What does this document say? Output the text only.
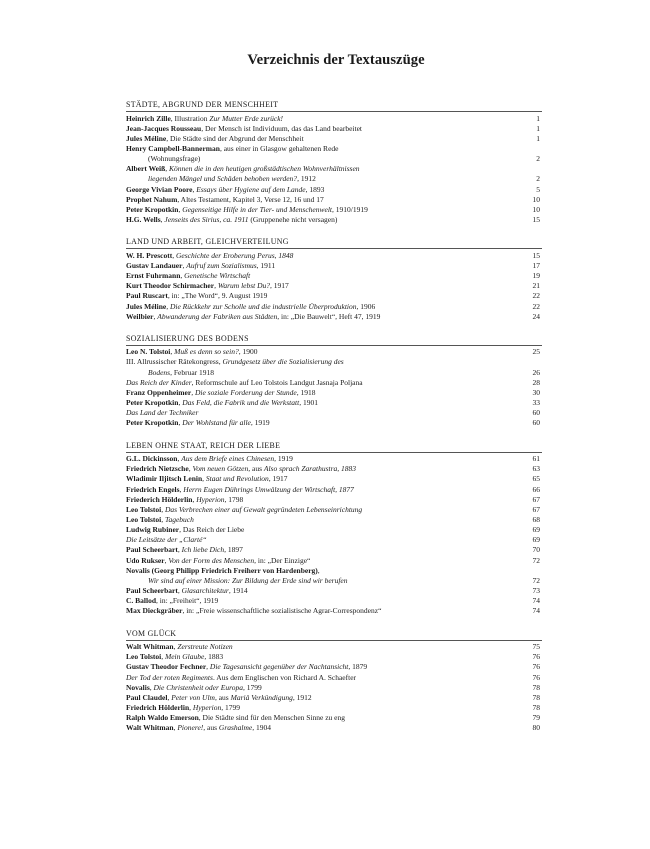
Verzeichnis der Textauszüge
STÄDTE, ABGRUND DER MENSCHHEIT
Heinrich Zille, Illustration Zur Mutter Erde zurück!	1
Jean-Jacques Rousseau, Der Mensch ist Individuum, das das Land bearbeitet	1
Jules Méline, Die Städte sind der Abgrund der Menschheit	1
Henry Campbell-Bannerman, aus einer in Glasgow gehaltenen Rede
(Wohnungsfrage)	2
Albert Weiß, Können die in den heutigen großstädtischen Wohnverhältnissen
liegenden Mängel und Schäden behoben werden?, 1912	2
George Vivian Poore, Essays über Hygiene auf dem Lande, 1893	5
Prophet Nahum, Altes Testament, Kapitel 3, Verse 12, 16 und 17	10
Peter Kropotkin, Gegenseitige Hilfe in der Tier- und Menschenwelt, 1910/1919	10
H.G. Wells, Jenseits des Sirius, ca. 1911 (Gruppenehe nicht versagen)	15
LAND UND ARBEIT, GLEICHVERTEILUNG
W. H. Prescott, Geschichte der Eroberung Perus, 1848	15
Gustav Landauer, Aufruf zum Sozialismus, 1911	17
Ernst Fuhrmann, Genetische Wirtschaft	19
Kurt Theodor Schirmacher, Warum lebst Du?, 1917	21
Paul Ruscart, in: „The Word“, 9. August 1919	22
Jules Méline, Die Rückkehr zur Scholle und die industrielle Überproduktion, 1906	22
Weilbier, Abwanderung der Fabriken aus Städten, in: „Die Bauwelt“, Heft 47, 1919	24
SOZIALISIERUNG DES BODENS
Leo N. Tolstoi, Muß es denn so sein?, 1900	25
III. Allrussischer Rätekongress, Grundgesetz über die Sozialisierung des
Bodens, Februar 1918	26
Das Reich der Kinder, Reformschule auf Leo Tolstois Landgut Jasnaja Poljana	28
Franz Oppenheimer, Die soziale Forderung der Stunde, 1918	30
Peter Kropotkin, Das Feld, die Fabrik und die Werkstatt, 1901	33
Das Land der Techniker	60
Peter Kropotkin, Der Wohlstand für alle, 1919	60
LEBEN OHNE STAAT, REICH DER LIEBE
G.L. Dickinsson, Aus dem Briefe eines Chinesen, 1919	61
Friedrich Nietzsche, Vom neuen Götzen, aus Also sprach Zarathustra, 1883	63
Wladimir Iljitsch Lenin, Staat und Revolution, 1917	65
Friedrich Engels, Herrn Eugen Dührings Umwälzung der Wirtschaft, 1877	66
Friederich Hölderlin, Hyperion, 1798	67
Leo Tolstoi, Das Verbrechen einer auf Gewalt gegründeten Lebenseinrichtung	67
Leo Tolstoi, Tagebuch	68
Ludwig Rubiner, Das Reich der Liebe	69
Die Leitsätze der „Clarté“	69
Paul Scheerbart, Ich liebe Dich, 1897	70
Udo Rukser, Von der Form des Menschen, in: „Der Einzige“	72
Novalis (Georg Philipp Friedrich Freiherr von Hardenberg),
Wir sind auf einer Mission: Zur Bildung der Erde sind wir berufen	72
Paul Scheerbart, Glasarchitektur, 1914	73
C. Ballod, in: „Freiheit“, 1919	74
Max Dieckgräber, in: „Freie wissenschaftliche sozialistische Agrar-Correspondenz“	74
VOM GLÜCK
Walt Whitman, Zerstreute Notizen	75
Leo Tolstoi, Mein Glaube, 1883	76
Gustav Theodor Fechner, Die Tagesansicht gegenüber der Nachtansicht, 1879	76
Der Tod der roten Regiments. Aus dem Englischen von Richard A. Schaefter	76
Novalis, Die Christenheit oder Europa, 1799	78
Paul Claudel, Peter von Ulm, aus Mariä Verkündigung, 1912	78
Friedrich Hölderlin, Hyperion, 1799	78
Ralph Waldo Emerson, Die Städte sind für den Menschen Sinne zu eng	79
Walt Whitman, Pionere!, aus Grashalme, 1904	80
